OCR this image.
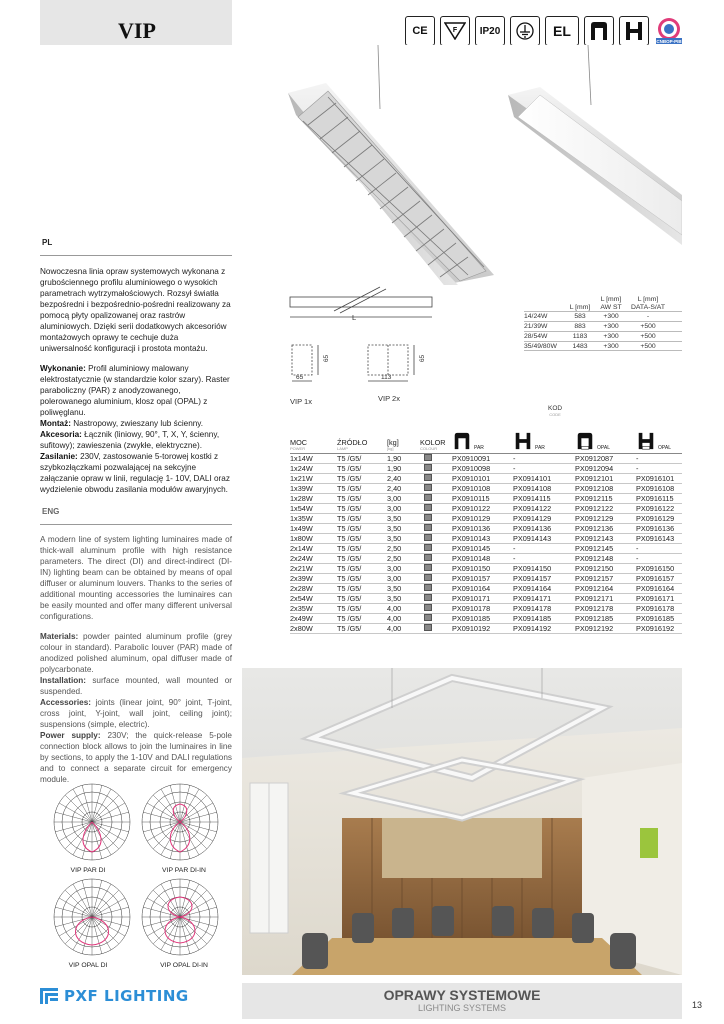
VIP	CE	F	IP20	EL
CNBOP-PIB
PL

Nowoczesna linia opraw systemowych wykonana z grubościennego profilu aluminiowego o wysokich parametrach wytrzymałościowych. Rozsył światła bezpośredni i bezpośrednio-pośredni realizowany za pomocą płyty opalizowanej oraz rastrów aluminiowych. Dzięki serii dodatkowych akcesoriów montażowych oprawy te cechuje duża uniwersalność konfiguracji i prostota montażu.

Wykonanie: Profil aluminiowy malowany elektrostatycznie (w standardzie kolor szary). Raster paraboliczny (PAR) z anodyzowanego, polerowanego aluminium, klosz opal (OPAL) z poliwęglanu.
Montaż: Nastropowy, zwieszany lub ścienny.
Akcesoria: Łącznik (liniowy, 90°, T, X, Y, ścienny, sufitowy); zawieszenia (zwykłe, elektryczne).
Zasilanie: 230V, zastosowanie 5-torowej kostki z szybkozłączkami pozwalającej na sekcyjne załączanie opraw w linii, regulację 1- 10V, DALI oraz wydzielenie obwodu zasilania modułów awaryjnych.
ENG

A modern line of system lighting luminaires made of thick-wall aluminum profile with high resistance parameters. The direct (DI) and direct-indirect (DI-IN) lighting beam can be obtained by means of opal diffuser or aluminum louvers. Thanks to the series of additional mounting accessories the luminaires can be easily mounted and offer many different universal configurations.

Materials: powder painted aluminum profile (grey colour in standard). Parabolic louver (PAR) made of anodized polished aluminum, opal diffuser made of polycarbonate.
Installation: surface mounted, wall mounted or suspended.
Accessories: joints (linear joint, 90° joint, T-joint, cross joint, Y-joint, wall joint, ceiling joint); suspensions (simple, electric).
Power supply: 230V; the quick-release 5-pole connection block allows to join the luminaires in line by sections, to apply the 1-10V and DALI regulations and to connect a separate circuit for emergency module.
L
65
65
65
113
VIP 1x	VIP 2x
L [mm]
L [mm]
AW ST
L [mm]
DATA-S/AT
14/24W	583	+300	-
21/39W	883	+300	+500
28/54W	1183	+300	+500
35/49/80W	1483	+300	+500
KOD
CODE
MOC
POWER
ŹRÓDŁO
LAMP
[kg]
[kg]
KOLOR
COLOUR	PAR	PAR	OPAL	OPAL
1x14W	T5 /G5/	1,90	PX0910091	-	PX0912087	-
1x24W	T5 /G5/	1,90	PX0910098	-	PX0912094	-
1x21W	T5 /G5/	2,40	PX0910101	PX0914101	PX0912101	PX0916101
1x39W	T5 /G5/	2,40	PX0910108	PX0914108	PX0912108	PX0916108
1x28W	T5 /G5/	3,00	PX0910115	PX0914115	PX0912115	PX0916115
1x54W	T5 /G5/	3,00	PX0910122	PX0914122	PX0912122	PX0916122
1x35W	T5 /G5/	3,50	PX0910129	PX0914129	PX0912129	PX0916129
1x49W	T5 /G5/	3,50	PX0910136	PX0914136	PX0912136	PX0916136
1x80W	T5 /G5/	3,50	PX0910143	PX0914143	PX0912143	PX0916143
2x14W	T5 /G5/	2,50	PX0910145	-	PX0912145	-
2x24W	T5 /G5/	2,50	PX0910148	-	PX0912148	-
2x21W	T5 /G5/	3,00	PX0910150	PX0914150	PX0912150	PX0916150
2x39W	T5 /G5/	3,00	PX0910157	PX0914157	PX0912157	PX0916157
2x28W	T5 /G5/	3,50	PX0910164	PX0914164	PX0912164	PX0916164
2x54W	T5 /G5/	3,50	PX0910171	PX0914171	PX0912171	PX0916171
2x35W	T5 /G5/	4,00	PX0910178	PX0914178	PX0912178	PX0916178
2x49W	T5 /G5/	4,00	PX0910185	PX0914185	PX0912185	PX0916185
2x80W	T5 /G5/	4,00	PX0910192	PX0914192	PX0912192	PX0916192
VIP PAR DI	VIP PAR DI-IN
VIP OPAL DI	VIP OPAL DI-IN
PXF LIGHTING	OPRAWY SYSTEMOWE
LIGHTING SYSTEMS	13
